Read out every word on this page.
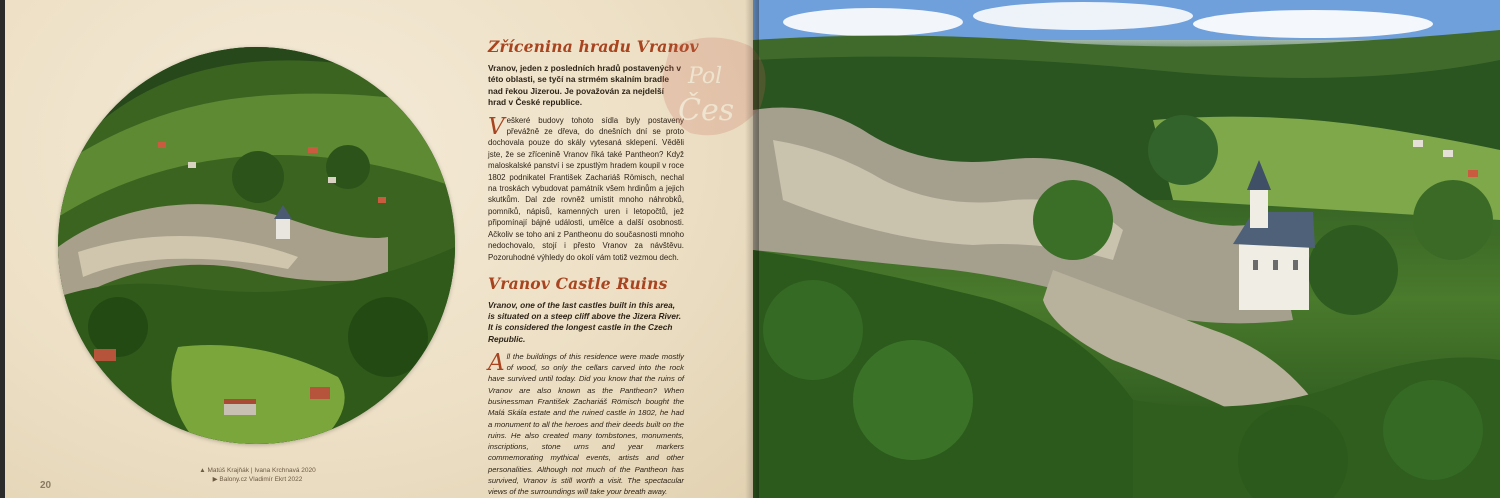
Zřícenina hradu Vranov

Vranov, jeden z posledních hradů postavených v této oblasti, se tyčí na strmém skalním bradle nad řekou Jizerou. Je považován za nejdelší hrad v České republice.

Veškeré budovy tohoto sídla byly postaveny převážně ze dřeva, do dnešních dní se proto dochovala pouze do skály vytesaná sklepení. Věděli jste, že se zřícenině Vranov říká také Pantheon? Když maloskalské panství i se zpustlým hradem koupil v roce 1802 podnikatel František Zachariáš Römisch, nechal na troskách vybudovat památník všem hrdinům a jejich skutkům. Dal zde rovněž umístit mnoho náhrobků, pomníků, nápisů, kamenných uren i letopočtů, jež připomínají bájné události, umělce a další osobnosti. Ačkoliv se toho ani z Pantheonu do současnosti mnoho nedochovalo, stojí i přesto Vranov za návštěvu. Pozoruhodné výhledy do okolí vám totiž vezmou dech.

Vranov Castle Ruins

Vranov, one of the last castles built in this area, is situated on a steep cliff above the Jizera River. It is considered the longest castle in the Czech Republic.

All the buildings of this residence were made mostly of wood, so only the cellars carved into the rock have survived until today. Did you know that the ruins of Vranov are also known as the Pantheon? When businessman František Zachariáš Römisch bought the Malá Skála estate and the ruined castle in 1802, he had a monument to all the heroes and their deeds built on the ruins. He also created many tombstones, monuments, inscriptions, stone urns and year markers commemorating mythical events, artists and other personalities. Although not much of the Pantheon has survived, Vranov is still worth a visit. The spectacular views of the surroundings will take your breath away.

▲ Matúš Krajňák | Ivana Krchnavá 2020
▶ Balony.cz Vladimír Ekrt 2022
20
Pol
Čes
